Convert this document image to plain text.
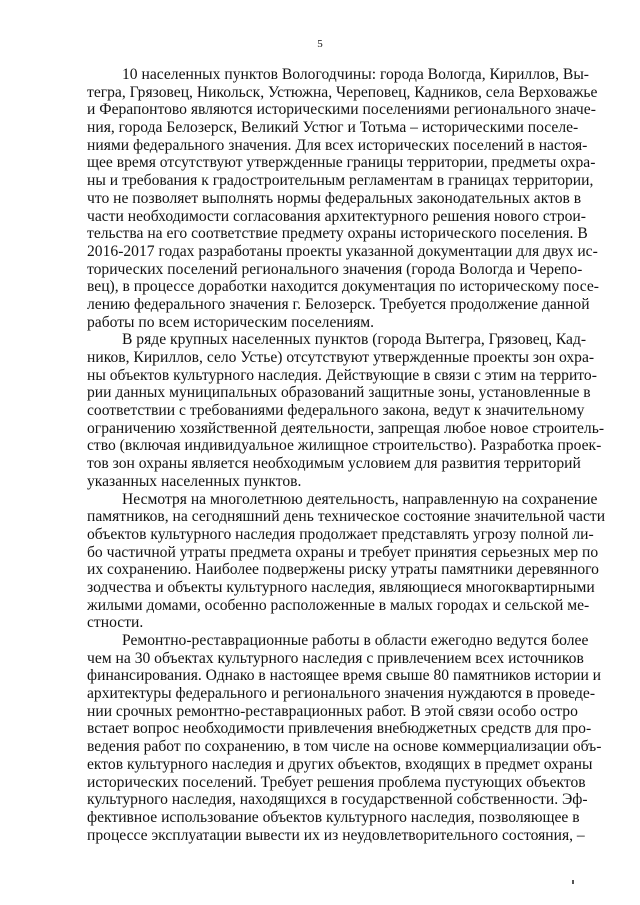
5
10 населенных пунктов Вологодчины: города Вологда, Кириллов, Вы-
тегра, Грязовец, Никольск, Устюжна, Череповец, Кадников, села Верховажье
и Ферапонтово являются историческими поселениями регионального значе-
ния, города Белозерск, Великий Устюг и Тотьма – историческими поселе-
ниями федерального значения. Для всех исторических поселений в настоя-
щее время отсутствуют утвержденные границы территории, предметы охра-
ны и требования к градостроительным регламентам в границах территории,
что не позволяет выполнять нормы федеральных законодательных актов в
части необходимости согласования архитектурного решения нового строи-
тельства на его соответствие предмету охраны исторического поселения. В
2016-2017 годах разработаны проекты указанной документации для двух ис-
торических поселений регионального значения (города Вологда и Черепо-
вец), в процессе доработки находится документация по историческому посе-
лению федерального значения г. Белозерск. Требуется продолжение данной
работы по всем историческим поселениям.
В ряде крупных населенных пунктов (города Вытегра, Грязовец, Кад-
ников, Кириллов, село Устье) отсутствуют утвержденные проекты зон охра-
ны объектов культурного наследия. Действующие в связи с этим на террито-
рии данных муниципальных образований защитные зоны, установленные в
соответствии с требованиями федерального закона, ведут к значительному
ограничению хозяйственной деятельности, запрещая любое новое строитель-
ство (включая индивидуальное жилищное строительство). Разработка проек-
тов зон охраны является необходимым условием для развития территорий
указанных населенных пунктов.
Несмотря на многолетнюю деятельность, направленную на сохранение
памятников, на сегодняшний день техническое состояние значительной части
объектов культурного наследия продолжает представлять угрозу полной ли-
бо частичной утраты предмета охраны и требует принятия серьезных мер по
их сохранению. Наиболее подвержены риску утраты памятники деревянного
зодчества и объекты культурного наследия, являющиеся многоквартирными
жилыми домами, особенно расположенные в малых городах и сельской ме-
стности.
Ремонтно-реставрационные работы в области ежегодно ведутся более
чем на 30 объектах культурного наследия с привлечением всех источников
финансирования. Однако в настоящее время свыше 80 памятников истории и
архитектуры федерального и регионального значения нуждаются в проведе-
нии срочных ремонтно-реставрационных работ. В этой связи особо остро
встает вопрос необходимости привлечения внебюджетных средств для про-
ведения работ по сохранению, в том числе на основе коммерциализации объ-
ектов культурного наследия и других объектов, входящих в предмет охраны
исторических поселений. Требует решения проблема пустующих объектов
культурного наследия, находящихся в государственной собственности. Эф-
фективное использование объектов культурного наследия, позволяющее в
процессе эксплуатации вывести их из неудовлетворительного состояния, –
